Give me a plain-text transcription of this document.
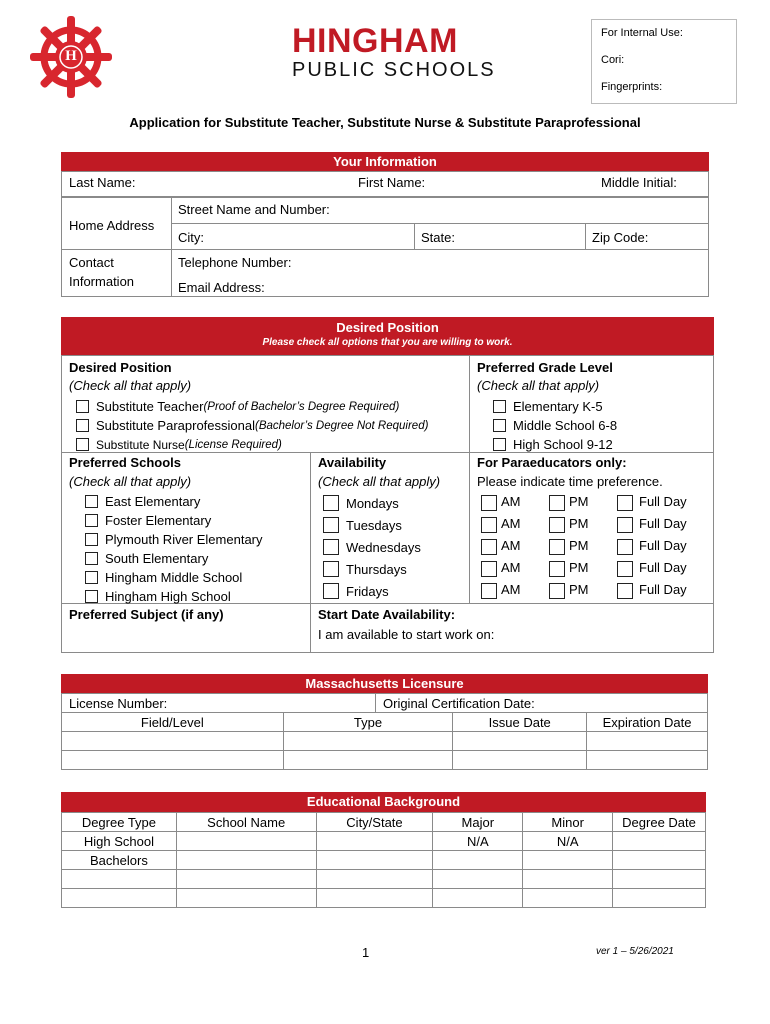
H	HINGHAM
PUBLIC SCHOOLS
For Internal Use:
Cori:
Fingerprints:
Application for Substitute Teacher, Substitute Nurse & Substitute Paraprofessional
Your Information
Last Name:	First Name:	Middle Initial:
Home Address
Street Name and Number:
City:	State:	Zip Code:
Contact
Information
Telephone Number:
Email Address:
Desired Position
Please check all options that you are willing to work.
Desired Position
(Check all that apply)
Substitute Teacher (Proof of Bachelor’s Degree Required)
Substitute Paraprofessional (Bachelor’s Degree Not Required)
Substitute Nurse (License Required)
Preferred Grade Level
(Check all that apply)
Elementary K-5
Middle School 6-8
High School 9-12
Preferred Schools
(Check all that apply)
East Elementary
Foster Elementary
Plymouth River Elementary
South Elementary
Hingham Middle School
Hingham High School
Availability
(Check all that apply)
Mondays
Tuesdays
Wednesdays
Thursdays
Fridays
For Paraeducators only:
Please indicate time preference.
AM	PM	Full Day
AM	PM	Full Day
AM	PM	Full Day
AM	PM	Full Day
AM	PM	Full Day
Preferred Subject (if any)	Start Date Availability:
I am available to start work on:
Massachusetts Licensure
License Number:	Original Certification Date:
Field/Level	Type	Issue Date	Expiration Date

Educational Background
Degree Type	School Name	City/State	Major	Minor	Degree Date
High School			N/A	N/A	
Bachelors					

1	ver 1 – 5/26/2021
